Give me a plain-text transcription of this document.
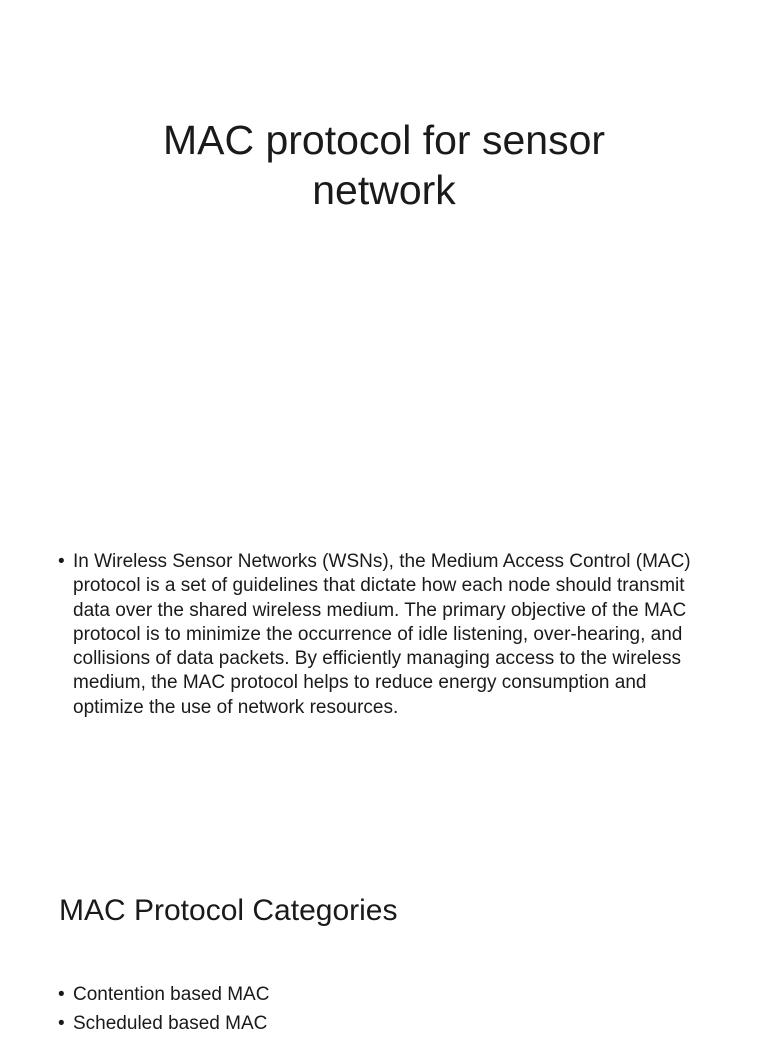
MAC protocol for sensor network
• In Wireless Sensor Networks (WSNs), the Medium Access Control (MAC) protocol is a set of guidelines that dictate how each node should transmit data over the shared wireless medium. The primary objective of the MAC protocol is to minimize the occurrence of idle listening, over-hearing, and collisions of data packets. By efficiently managing access to the wireless medium, the MAC protocol helps to reduce energy consumption and optimize the use of network resources.
MAC Protocol Categories
• Contention based MAC
• Scheduled based MAC
